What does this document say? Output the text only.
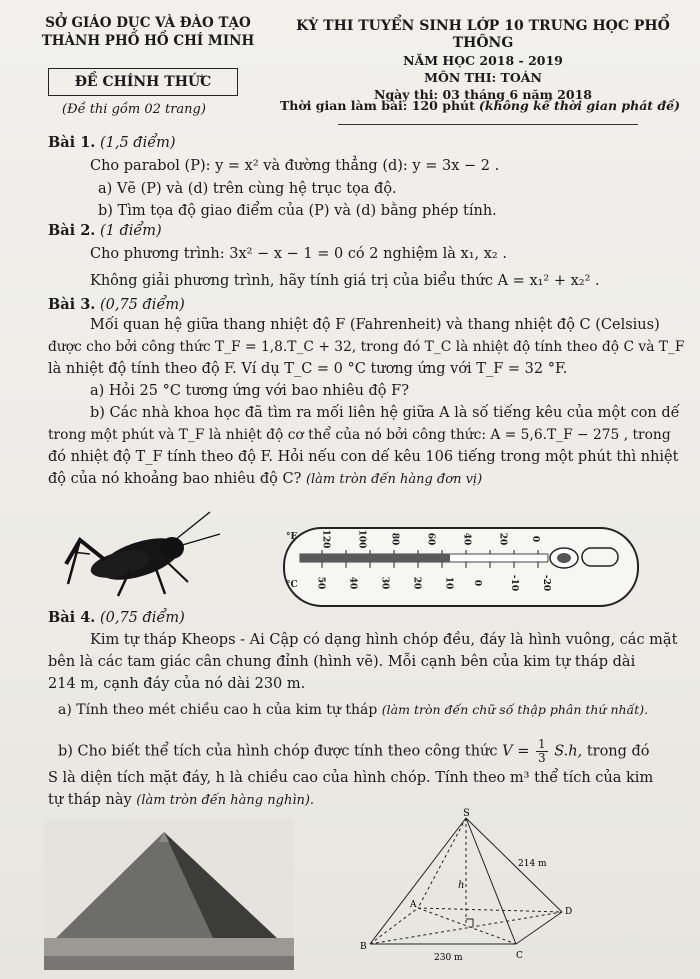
SỞ GIÁO DỤC VÀ ĐÀO TẠO
THÀNH PHỐ HỒ CHÍ MINH
KỲ THI TUYỂN SINH LỚP 10 TRUNG HỌC PHỔ THÔNG
NĂM HỌC 2018 - 2019
MÔN THI: TOÁN
Ngày thi: 03 tháng 6 năm 2018
ĐỀ CHÍNH THỨC
(Đề thi gồm 02 trang)	Thời gian làm bài: 120 phút (không kể thời gian phát đề)
Bài 1. (1,5 điểm)
Cho parabol (P): y = x² và đường thẳng (d): y = 3x − 2 .
a) Vẽ (P) và (d) trên cùng hệ trục tọa độ.
b) Tìm tọa độ giao điểm của (P) và (d) bằng phép tính.
Bài 2. (1 điểm)
Cho phương trình: 3x² − x − 1 = 0 có 2 nghiệm là x₁, x₂ .
Không giải phương trình, hãy tính giá trị của biểu thức A = x₁² + x₂² .
Bài 3. (0,75 điểm)
Mối quan hệ giữa thang nhiệt độ F (Fahrenheit) và thang nhiệt độ C (Celsius)
được cho bởi công thức T_F = 1,8.T_C + 32, trong đó T_C là nhiệt độ tính theo độ C và T_F
là nhiệt độ tính theo độ F. Ví dụ T_C = 0 °C tương ứng với T_F = 32 °F.
a) Hỏi 25 °C tương ứng với bao nhiêu độ F?
b) Các nhà khoa học đã tìm ra mối liên hệ giữa A là số tiếng kêu của một con dế
trong một phút và T_F là nhiệt độ cơ thể của nó bởi công thức: A = 5,6.T_F − 275 , trong
đó nhiệt độ T_F tính theo độ F. Hỏi nếu con dế kêu 106 tiếng trong một phút thì nhiệt
độ của nó khoảng bao nhiêu độ C? (làm tròn đến hàng đơn vị)
°F
°C
120	100	80	60	40	20	0
50 40 30 20 10 0	-10 -20
Bài 4. (0,75 điểm)
Kim tự tháp Kheops - Ai Cập có dạng hình chóp đều, đáy là hình vuông, các mặt
bên là các tam giác cân chung đỉnh (hình vẽ). Mỗi cạnh bên của kim tự tháp dài
214 m, cạnh đáy của nó dài 230 m.
a) Tính theo mét chiều cao h của kim tự tháp (làm tròn đến chữ số thập phân thứ nhất).
b) Cho biết thể tích của hình chóp được tính theo công thức $V = \frac{1}{3} S.h$, trong đó
S là diện tích mặt đáy, h là chiều cao của hình chóp. Tính theo m³ thể tích của kim
tự tháp này (làm tròn đến hàng nghìn).
S
A
B
C
D
h
214 m
230 m
